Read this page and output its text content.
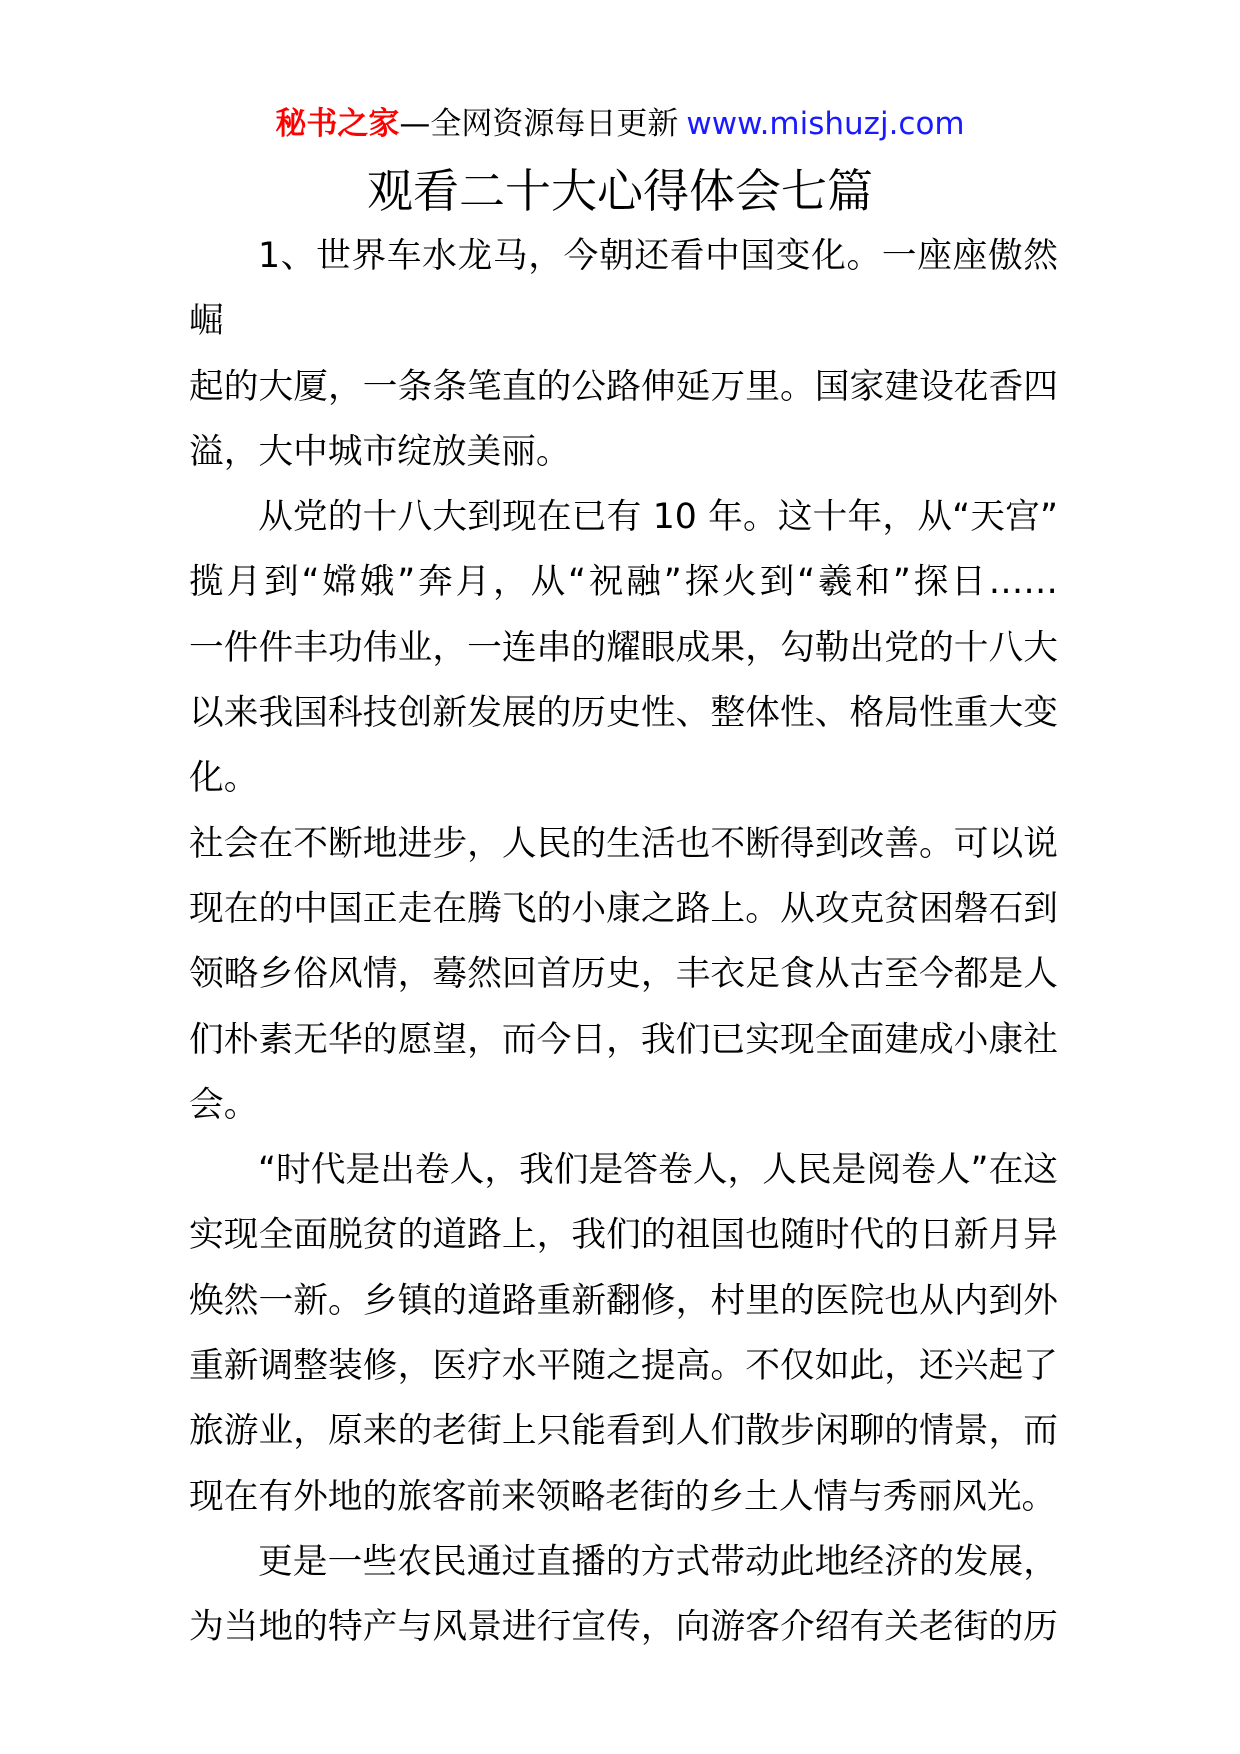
秘书之家—全网资源每日更新 www.mishuzj.com
观看二十大心得体会七篇
1、世界车水龙马，今朝还看中国变化。一座座傲然崛
起的大厦，一条条笔直的公路伸延万里。国家建设花香四
溢，大中城市绽放美丽。
从党的十八大到现在已有 10 年。这十年，从“天宫”
揽月到“嫦娥”奔月，从“祝融”探火到“羲和”探日……
一件件丰功伟业，一连串的耀眼成果，勾勒出党的十八大
以来我国科技创新发展的历史性、整体性、格局性重大变
化。
社会在不断地进步，人民的生活也不断得到改善。可以说
现在的中国正走在腾飞的小康之路上。从攻克贫困磐石到
领略乡俗风情，蓦然回首历史，丰衣足食从古至今都是人
们朴素无华的愿望，而今日，我们已实现全面建成小康社
会。
“时代是出卷人，我们是答卷人，人民是阅卷人”在这
实现全面脱贫的道路上，我们的祖国也随时代的日新月异
焕然一新。乡镇的道路重新翻修，村里的医院也从内到外
重新调整装修，医疗水平随之提高。不仅如此，还兴起了
旅游业，原来的老街上只能看到人们散步闲聊的情景，而
现在有外地的旅客前来领略老街的乡土人情与秀丽风光。
更是一些农民通过直播的方式带动此地经济的发展，
为当地的特产与风景进行宣传，向游客介绍有关老街的历
